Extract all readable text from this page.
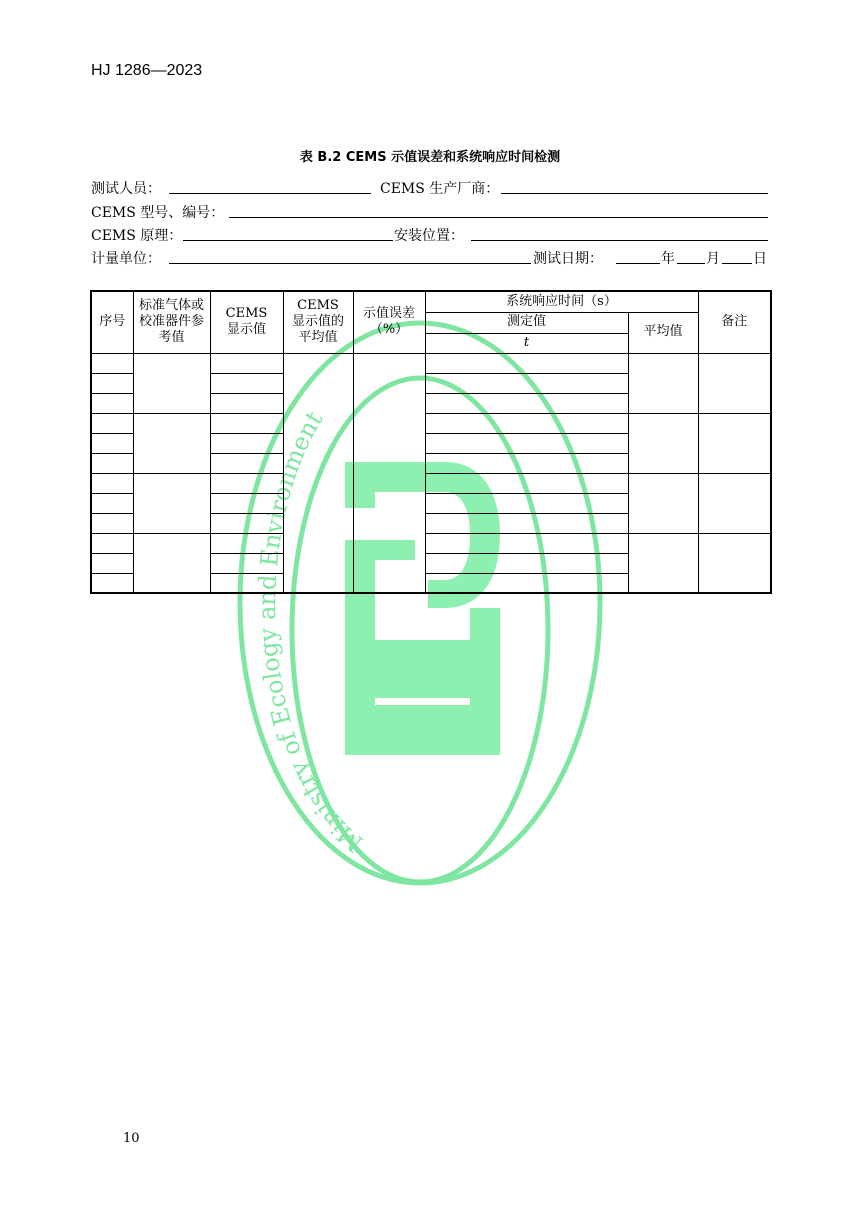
Ministry of Ecology and Environment
HJ 1286—2023
表 B.2 CEMS 示值误差和系统响应时间检测
测试人员：	CEMS 生产厂商：
CEMS 型号、编号：
CEMS 原理：	安装位置：
计量单位：	测试日期：	年 月 日
序号	标准气体或校准器件参考值	CEMS 显示值	CEMS 显示值的平均值	示值误差（%）	系统响应时间（s）		备注
					测定值	平均值	
					t		

10
